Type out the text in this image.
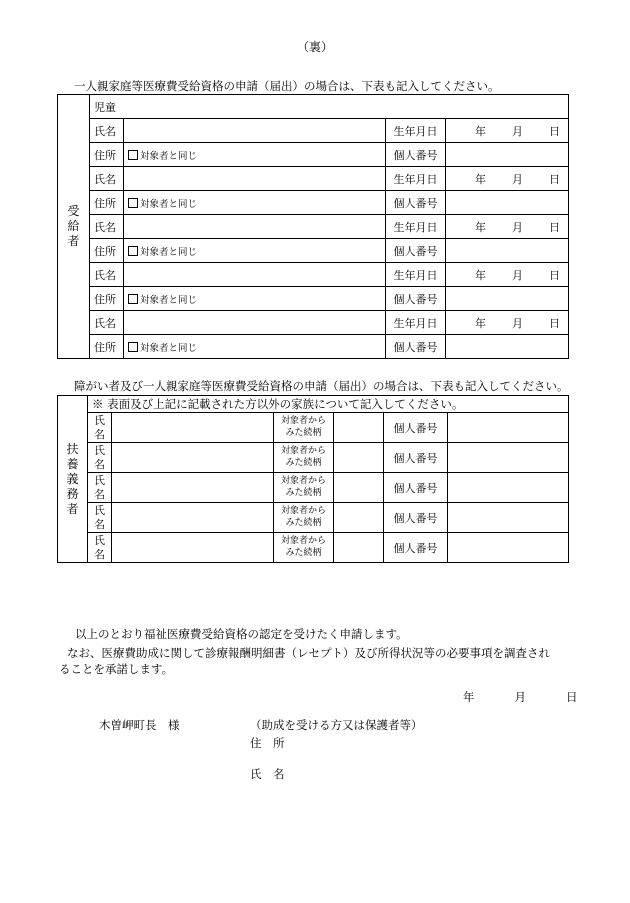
（裏）
一人親家庭等医療費受給資格の申請（届出）の場合は、下表も記入してください。
受
給
者	児童			
	氏名		生年月日	年 月 日

	住所	対象者と同じ	個人番号	
	氏名		生年月日	年 月 日

	住所	対象者と同じ	個人番号	
	氏名		生年月日	年 月 日

	住所	対象者と同じ	個人番号	
	氏名		生年月日	年 月 日

	住所	対象者と同じ	個人番号	
	氏名		生年月日	年 月 日

	住所	対象者と同じ	個人番号	
障がい者及び一人親家庭等医療費受給資格の申請（届出）の場合は、下表も記入してください。
扶
養
義
務
者	※ 表面及び上記に記載された方以外の家族について記入してください。					

	氏
名		対象者から
みた続柄		個人番号	

	氏
名		対象者から
みた続柄		個人番号	

	氏
名		対象者から
みた続柄		個人番号	

	氏
名		対象者から
みた続柄		個人番号	

	氏
名		対象者から
みた続柄		個人番号	
以上のとおり福祉医療費受給資格の認定を受けたく申請します。
なお、医療費助成に関して診療報酬明細書（レセプト）及び所得状況等の必要事項を調査され
ることを承諾します。
年	月	日
木曽岬町長　様	（助成を受ける方又は保護者等）
住　所
氏　名
